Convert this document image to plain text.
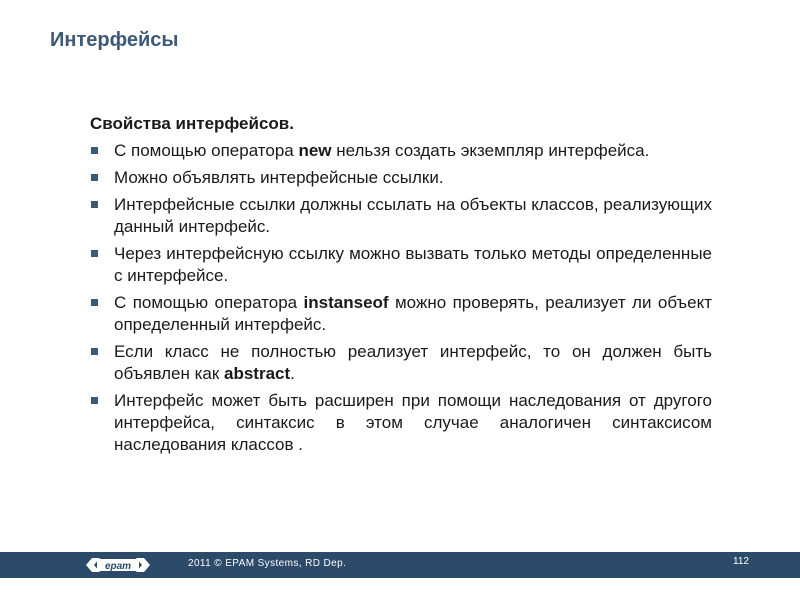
Интерфейсы
Свойства интерфейсов.
С помощью оператора new нельзя создать экземпляр интерфейса.
Можно объявлять интерфейсные ссылки.
Интерфейсные ссылки должны ссылать на объекты классов, реализующих данный интерфейс.
Через интерфейсную ссылку можно вызвать только методы определенные с интерфейсе.
С помощью оператора instanseof можно проверять, реализует ли объект определенный интерфейс.
Если класс не полностью реализует интерфейс, то он должен быть объявлен как abstract.
Интерфейс может быть расширен при помощи наследования от другого интерфейса, синтаксис в этом случае аналогичен синтаксисом наследования классов .
epam	2011 © EPAM Systems, RD Dep.	112
